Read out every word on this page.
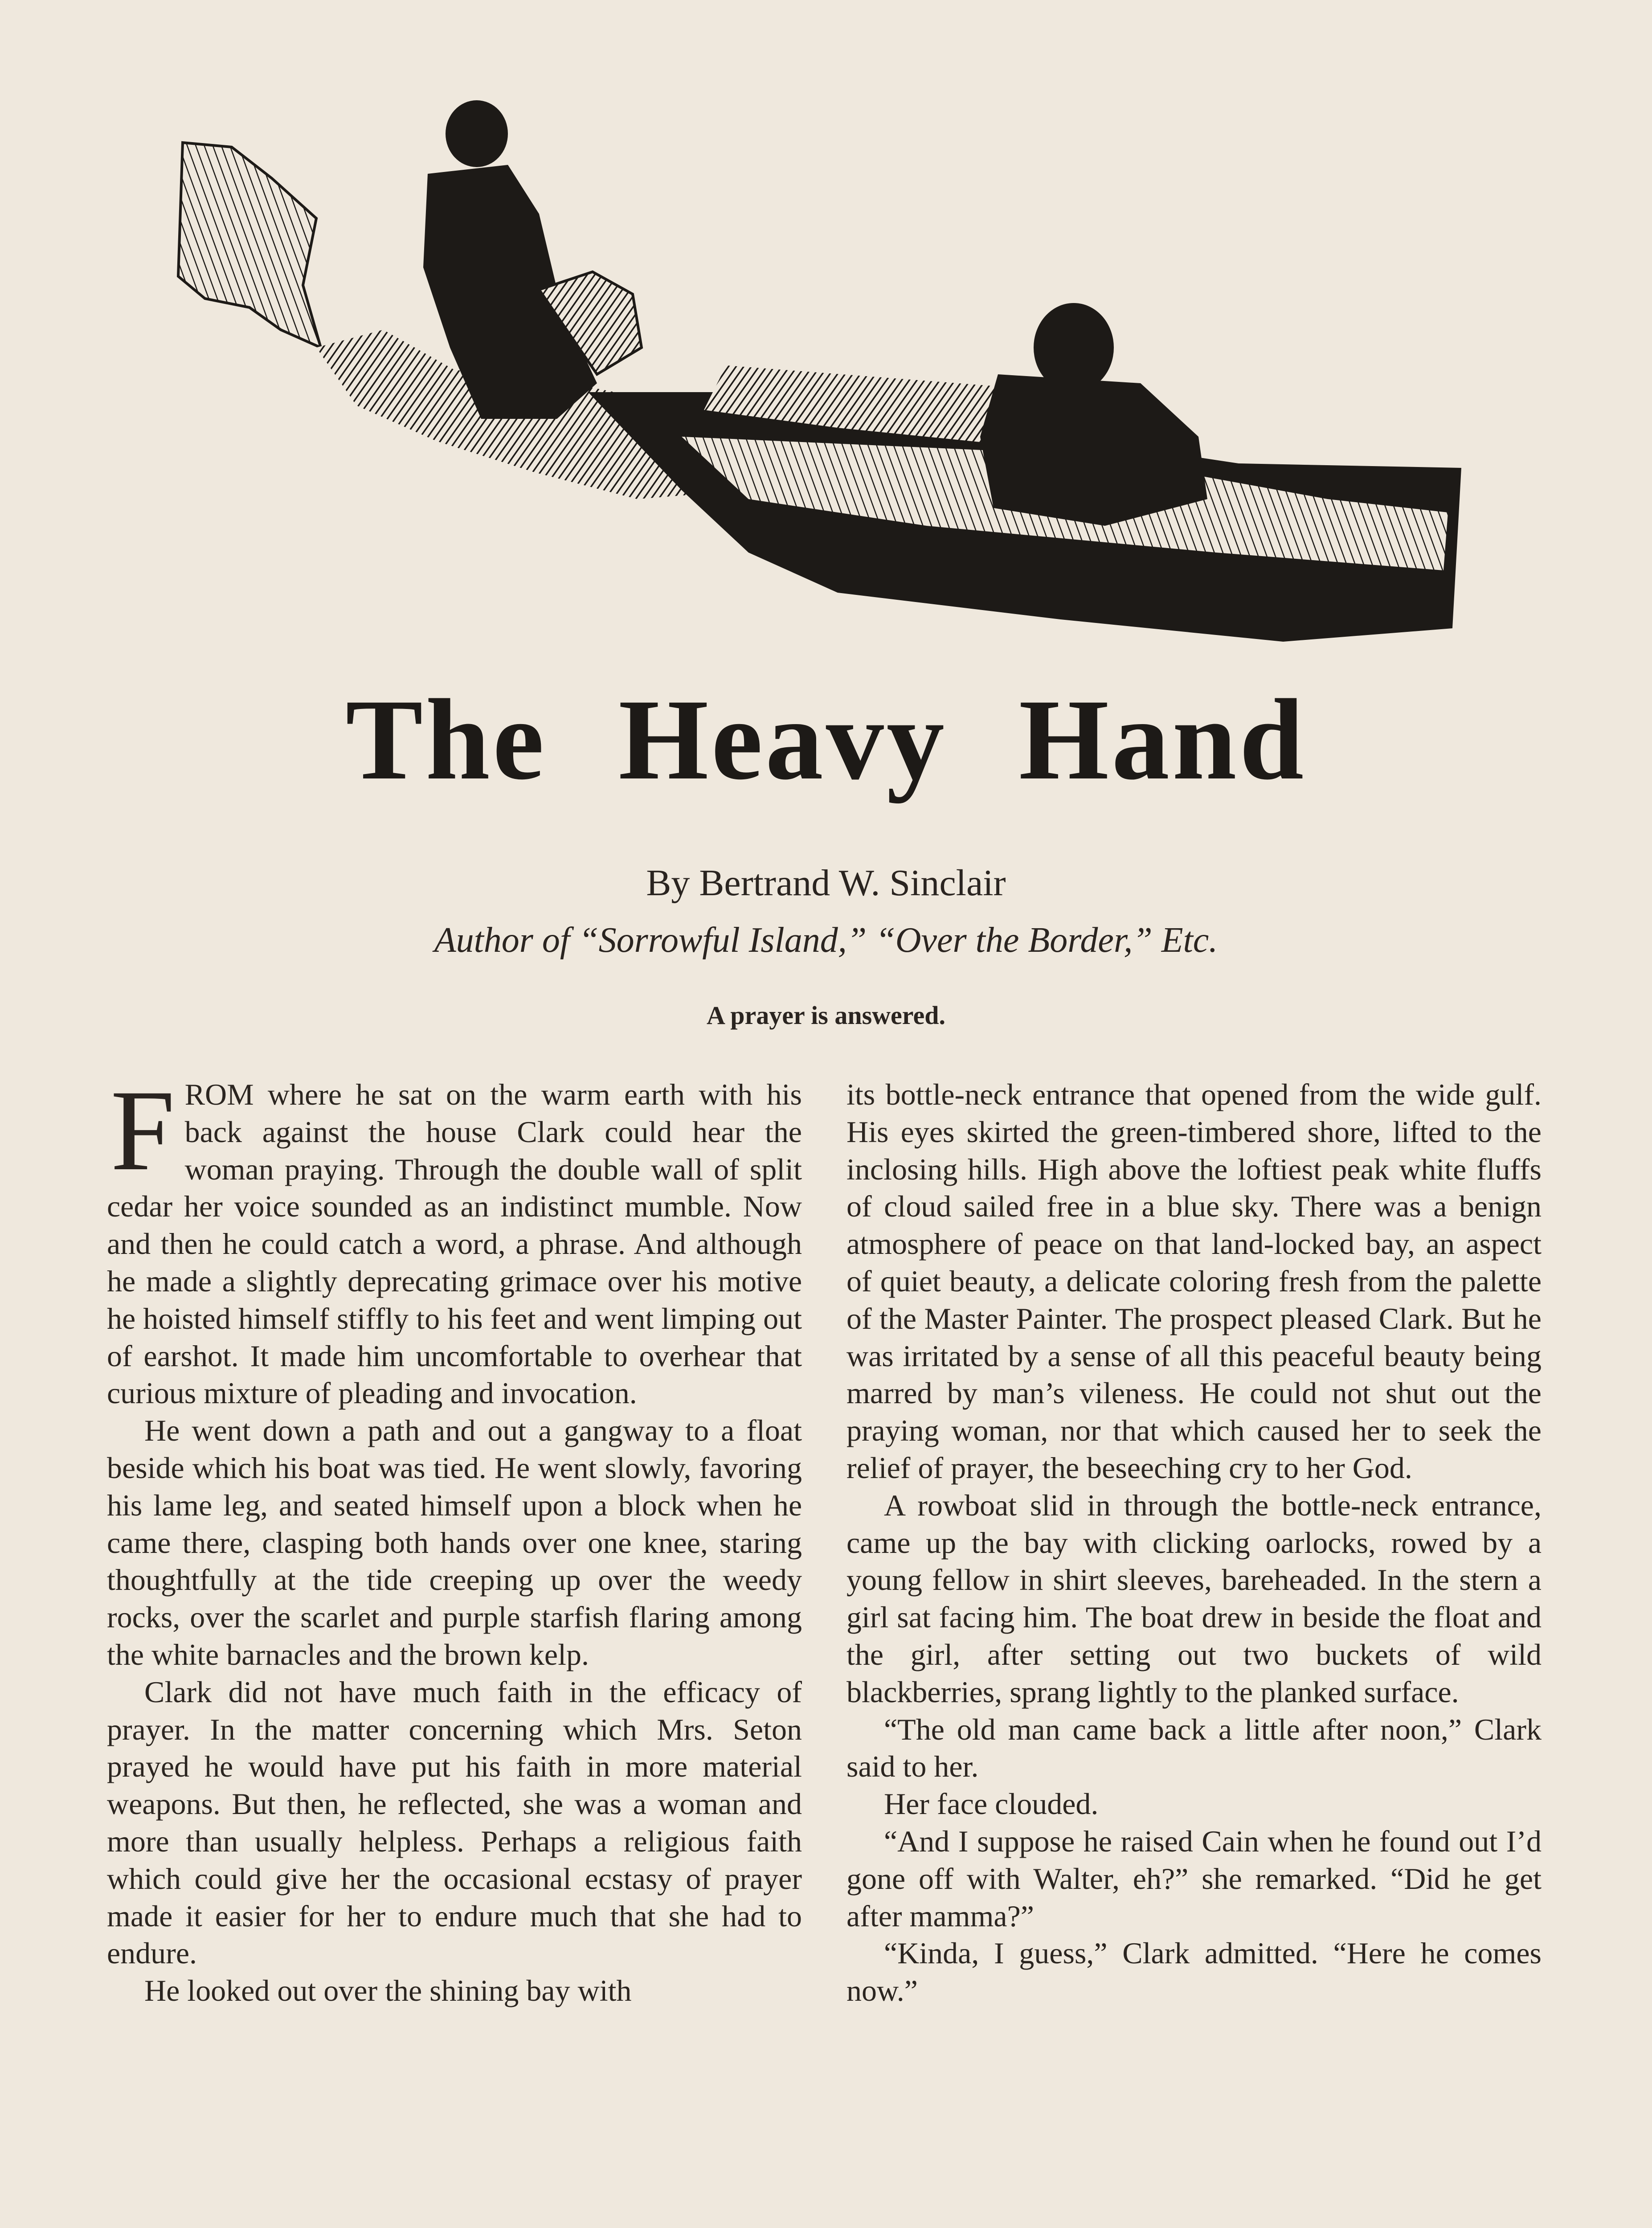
The Heavy Hand
By Bertrand W. Sinclair
Author of “Sorrowful Island,” “Over the Border,” Etc.
A prayer is answered.

FROM where he sat on the warm earth with his back against the house Clark could hear the woman praying. Through the double wall of split cedar her voice sounded as an indistinct mumble. Now and then he could catch a word, a phrase. And although he made a slightly deprecating grimace over his motive he hoisted himself stiffly to his feet and went limping out of earshot. It made him uncomfortable to overhear that curious mixture of pleading and invocation.

He went down a path and out a gangway to a float beside which his boat was tied. He went slowly, favoring his lame leg, and seated himself upon a block when he came there, clasping both hands over one knee, staring thoughtfully at the tide creeping up over the weedy rocks, over the scarlet and purple starfish flaring among the white barnacles and the brown kelp.

Clark did not have much faith in the efficacy of prayer. In the matter concerning which Mrs. Seton prayed he would have put his faith in more material weapons. But then, he reflected, she was a woman and more than usually helpless. Perhaps a religious faith which could give her the occasional ecstasy of prayer made it easier for her to endure much that she had to endure.

He looked out over the shining bay with

its bottle-neck entrance that opened from the wide gulf. His eyes skirted the green-timbered shore, lifted to the inclosing hills. High above the loftiest peak white fluffs of cloud sailed free in a blue sky. There was a benign atmosphere of peace on that land-locked bay, an aspect of quiet beauty, a delicate coloring fresh from the palette of the Master Painter. The prospect pleased Clark. But he was irritated by a sense of all this peaceful beauty being marred by man’s vileness. He could not shut out the praying woman, nor that which caused her to seek the relief of prayer, the beseeching cry to her God.

A rowboat slid in through the bottle-neck entrance, came up the bay with clicking oarlocks, rowed by a young fellow in shirt sleeves, bareheaded. In the stern a girl sat facing him. The boat drew in beside the float and the girl, after setting out two buckets of wild blackberries, sprang lightly to the planked surface.

“The old man came back a little after noon,” Clark said to her.

Her face clouded.

“And I suppose he raised Cain when he found out I’d gone off with Walter, eh?” she remarked. “Did he get after mamma?”

“Kinda, I guess,” Clark admitted. “Here he comes now.”
